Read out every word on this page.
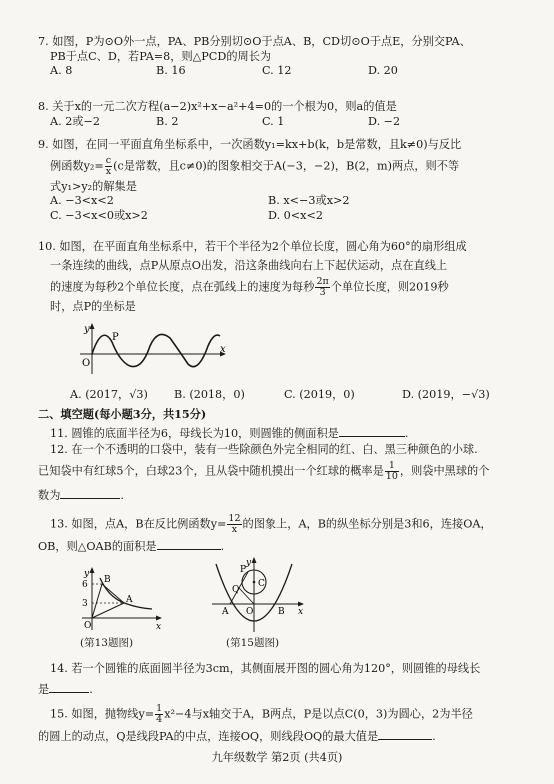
7. 如图，P为⊙O外一点，PA、PB分别切⊙O于点A、B，CD切⊙O于点E，分别交PA、
PB于点C、D，若PA=8，则△PCD的周长为
A. 8	B. 16	C. 12	D. 20
8. 关于x的一元二次方程(a−2)x²+x−a²+4=0的一个根为0，则a的值是
A. 2或−2	B. 2	C. 1	D. −2
9. 如图，在同一平面直角坐标系中，一次函数y₁=kx+b(k，b是常数，且k≠0)与反比
例函数$y_2= \frac{c}{x} (c$是常数，且c≠0)的图象相交于A(−3，−2)，B(2，m)两点，则不等
式y₁>y₂的解集是
A. −3<x<2	B. x<−3或x>2
C. −3<x<0或x>2	D. 0<x<2
10. 如图，在平面直角坐标系中，若干个半径为2个单位长度，圆心角为60°的扇形组成
一条连续的曲线，点P从原点O出发，沿这条曲线向右上下起伏运动，点在直线上
的速度为每秒2个单位长度，点在弧线上的速度为每秒 $\frac{2\pi}{3}$ 个单位长度，则2019秒
时，点P的坐标是
y
O
x
P
A. (2017，√3)	B. (2018，0)	C. (2019，0)	D. (2019，−√3)
二、填空题(每小题3分，共15分)
11. 圆锥的底面半径为6，母线长为10，则圆锥的侧面积是	.
12. 在一个不透明的口袋中，装有一些除颜色外完全相同的红、白、黑三种颜色的小球.
已知袋中有红球5个，白球23个，且从袋中随机摸出一个红球的概率是 $\frac{1}{10}$ ，则袋中黑球的个
数为	.
13. 如图，点A，B在反比例函数$y= \frac{12}{x}$ 的图象上，A，B的纵坐标分别是3和6，连接OA，
OB，则△OAB的面积是	.
y
6
3
B
A
O	x
(第13题图)
y
P
C
Q
A O	B x
(第15题图)
14. 若一个圆锥的底面圆半径为3cm，其侧面展开图的圆心角为120°，则圆锥的母线长
是	.
15. 如图，抛物线$y= \frac{1}{4} x^2-4$与x轴交于A，B两点，P是以点C(0，3)为圆心，2为半径
的圆上的动点，Q是线段PA的中点，连接OQ，则线段OQ的最大值是	.
九年级数学 第2页 (共4页)
